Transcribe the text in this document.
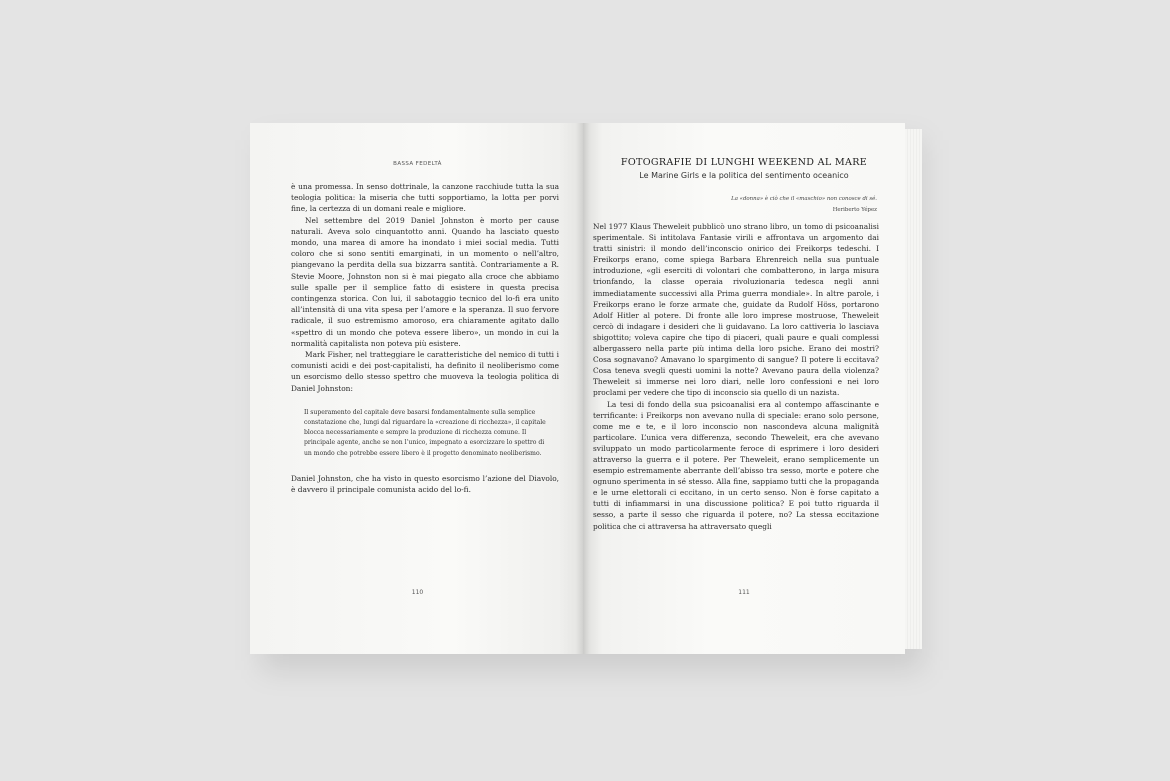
BASSA FEDELTÀ

è una promessa. In senso dottrinale, la canzone racchiude tutta la sua teologia politica: la miseria che tutti sopportiamo, la lotta per porvi fine, la certezza di un domani reale e migliore.

Nel settembre del 2019 Daniel Johnston è morto per cause naturali. Aveva solo cinquantotto anni. Quando ha lasciato questo mondo, una marea di amore ha inondato i miei social media. Tutti coloro che si sono sentiti emarginati, in un momento o nell’altro, piangevano la perdita della sua bizzarra santità. Contrariamente a R. Stevie Moore, Johnston non si è mai piegato alla croce che abbiamo sulle spalle per il semplice fatto di esistere in questa precisa contingenza storica. Con lui, il sabotaggio tecnico del lo-fi era unito all’intensità di una vita spesa per l’amore e la speranza. Il suo fervore radicale, il suo estremismo amoroso, era chiaramente agitato dallo «spettro di un mondo che poteva essere libero», un mondo in cui la normalità capitalista non poteva più esistere.

Mark Fisher, nel tratteggiare le caratteristiche del nemico di tutti i comunisti acidi e dei post-capitalisti, ha definito il neoliberismo come un esorcismo dello stesso spettro che muoveva la teologia politica di Daniel Johnston:

Il superamento del capitale deve basarsi fondamentalmente sulla semplice constatazione che, lungi dal riguardare la «creazione di ricchezza», il capitale blocca necessariamente e sempre la produzione di ricchezza comune. Il principale agente, anche se non l’unico, impegnato a esorcizzare lo spettro di un mondo che potrebbe essere libero è il progetto denominato neoliberismo.

Daniel Johnston, che ha visto in questo esorcismo l’azione del Diavolo, è davvero il principale comunista acido del lo-fi.

110
FOTOGRAFIE DI LUNGHI WEEKEND AL MARE
Le Marine Girls e la politica del sentimento oceanico
La «donna» è ciò che il «maschio» non conosce di sé.
Heriberto Yépez

Nel 1977 Klaus Theweleit pubblicò uno strano libro, un tomo di psicoanalisi sperimentale. Si intitolava Fantasie virili e affrontava un argomento dai tratti sinistri: il mondo dell’inconscio onirico dei Freikorps tedeschi. I Freikorps erano, come spiega Barbara Ehrenreich nella sua puntuale introduzione, «gli eserciti di volontari che combatterono, in larga misura trionfando, la classe operaia rivoluzionaria tedesca negli anni immediatamente successivi alla Prima guerra mondiale». In altre parole, i Freikorps erano le forze armate che, guidate da Rudolf Höss, portarono Adolf Hitler al potere. Di fronte alle loro imprese mostruose, Theweleit cercò di indagare i desideri che li guidavano. La loro cattiveria lo lasciava sbigottito; voleva capire che tipo di piaceri, quali paure e quali complessi albergassero nella parte più intima della loro psiche. Erano dei mostri? Cosa sognavano? Amavano lo spargimento di sangue? Il potere li eccitava? Cosa teneva svegli questi uomini la notte? Avevano paura della violenza? Theweleit si immerse nei loro diari, nelle loro confessioni e nei loro proclami per vedere che tipo di inconscio sia quello di un nazista.

La tesi di fondo della sua psicoanalisi era al contempo affascinante e terrificante: i Freikorps non avevano nulla di speciale: erano solo persone, come me e te, e il loro inconscio non nascondeva alcuna malignità particolare. L’unica vera differenza, secondo Theweleit, era che avevano sviluppato un modo particolarmente feroce di esprimere i loro desideri attraverso la guerra e il potere. Per Theweleit, erano semplicemente un esempio estremamente aberrante dell’abisso tra sesso, morte e potere che ognuno sperimenta in sé stesso. Alla fine, sappiamo tutti che la propaganda e le urne elettorali ci eccitano, in un certo senso. Non è forse capitato a tutti di infiammarsi in una discussione politica? E poi tutto riguarda il sesso, a parte il sesso che riguarda il potere, no? La stessa eccitazione politica che ci attraversa ha attraversato quegli

111
